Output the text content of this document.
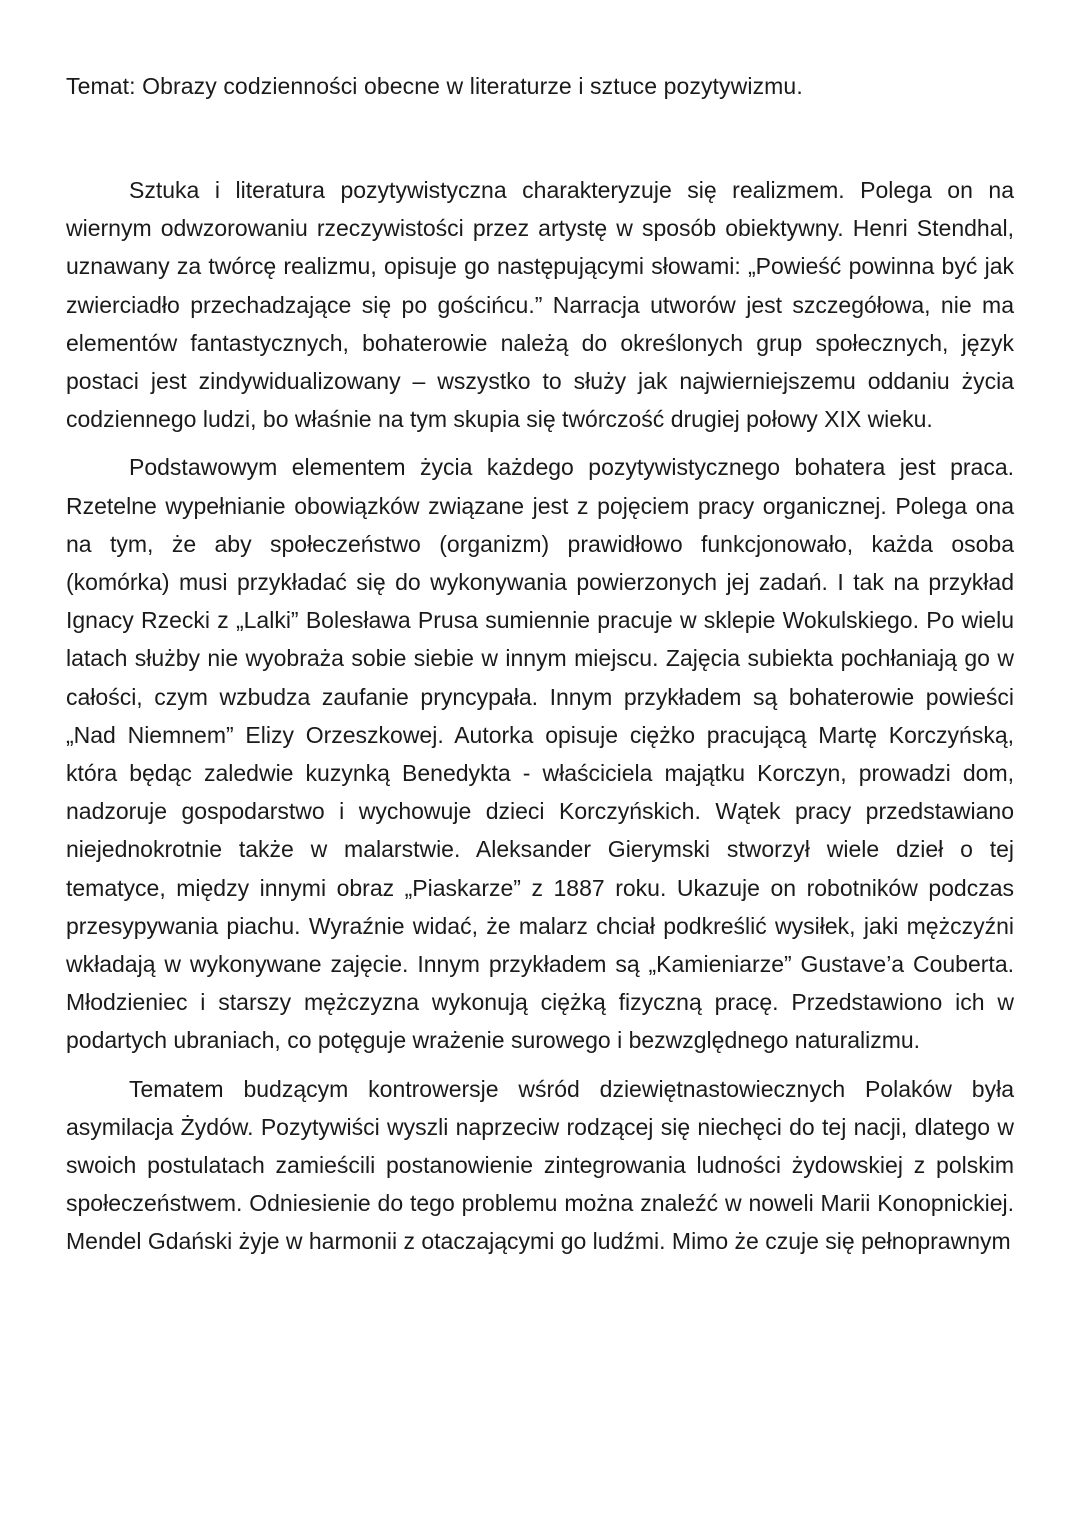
Temat: Obrazy codzienności obecne w literaturze i sztuce pozytywizmu.

Sztuka i literatura pozytywistyczna charakteryzuje się realizmem. Polega on na wiernym odwzorowaniu rzeczywistości przez artystę w sposób obiektywny. Henri Stendhal, uznawany za twórcę realizmu, opisuje go następującymi słowami: „Powieść powinna być jak zwierciadło przechadzające się po gościńcu.” Narracja utworów jest szczegółowa, nie ma elementów fantastycznych, bohaterowie należą do określonych grup społecznych, język postaci jest zindywidualizowany – wszystko to służy jak najwierniejszemu oddaniu życia codziennego ludzi, bo właśnie na tym skupia się twórczość drugiej połowy XIX wieku.

Podstawowym elementem życia każdego pozytywistycznego bohatera jest praca. Rzetelne wypełnianie obowiązków związane jest z pojęciem pracy organicznej. Polega ona na tym, że aby społeczeństwo (organizm) prawidłowo funkcjonowało, każda osoba (komórka) musi przykładać się do wykonywania powierzonych jej zadań. I tak na przykład Ignacy Rzecki z „Lalki” Bolesława Prusa sumiennie pracuje w sklepie Wokulskiego. Po wielu latach służby nie wyobraża sobie siebie w innym miejscu. Zajęcia subiekta pochłaniają go w całości, czym wzbudza zaufanie pryncypała. Innym przykładem są bohaterowie powieści „Nad Niemnem” Elizy Orzeszkowej. Autorka opisuje ciężko pracującą Martę Korczyńską, która będąc zaledwie kuzynką Benedykta - właściciela majątku Korczyn, prowadzi dom, nadzoruje gospodarstwo i wychowuje dzieci Korczyńskich. Wątek pracy przedstawiano niejednokrotnie także w malarstwie. Aleksander Gierymski stworzył wiele dzieł o tej tematyce, między innymi obraz „Piaskarze” z 1887 roku. Ukazuje on robotników podczas przesypywania piachu. Wyraźnie widać, że malarz chciał podkreślić wysiłek, jaki mężczyźni wkładają w wykonywane zajęcie. Innym przykładem są „Kamieniarze” Gustave’a Couberta. Młodzieniec i starszy mężczyzna wykonują ciężką fizyczną pracę. Przedstawiono ich w podartych ubraniach, co potęguje wrażenie surowego i bezwzględnego naturalizmu.

Tematem budzącym kontrowersje wśród dziewiętnastowiecznych Polaków była asymilacja Żydów. Pozytywiści wyszli naprzeciw rodzącej się niechęci do tej nacji, dlatego w swoich postulatach zamieścili postanowienie zintegrowania ludności żydowskiej z polskim społeczeństwem. Odniesienie do tego problemu można znaleźć w noweli Marii Konopnickiej. Mendel Gdański żyje w harmonii z otaczającymi go ludźmi. Mimo że czuje się pełnoprawnym
